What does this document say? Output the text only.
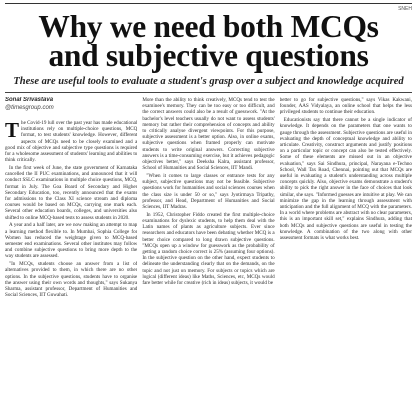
SNEH
Why we need both MCQs
and subjective questions
These are useful tools to evaluate a student's grasp over a subject and knowledge acquired
Sonal Srivastava
@timesgroup.com
T he Covid-19 lull over the past year has made educational institutions rely on multiple-choice questions, MCQ format, to test students' knowledge. However, different aspects of MCQs need to be closely examined and a good mix of objective and subjective type questions is required for a wholesome assessment of students' learning and abilities to think critically.

In the first week of June, the state government of Karnataka cancelled the II PUC examinations, and announced that it will conduct SSLC examinations in multiple choice questions, MCQ, format in July. The Goa Board of Secondary and Higher Secondary Education, too, recently announced that the exams for admissions to the Class XI science stream and diploma courses would be based on MCQs, carrying one mark each. Several other education boards, colleges, and universities also shifted to online MCQ-based tests to assess students in 2020.

A year and a half later, are we now making an attempt to map a learning method flexible to. In Mumbai, Sophia College for Women has reduced the weightage given to MCQ-based semester end examinations. Several other institutes may follow and combine subjective questions to bring more depth to the way students are assessed.

"In MCQs, students choose an answer from a list of alternatives provided to them, in which there are no other options. In the subjective questions, students have to organise the answer using their own words and thoughts," says Sukanya Sharma, assistant professor, Department of Humanities and Social Sciences, IIT Guwahati.

More than the ability to think creatively, MCQs tend to test the examinee's memory. They can be too easy or too difficult, and the correct answers could also be a result of guesswork. "At the bachelor's level teachers usually do not want to assess students' memory but rather their comprehension of concepts and ability to critically analyse divergent viewpoints. For this purpose, subjective assessment is a better option. Also, in online exams, subjective questions when framed properly can motivate students to write original answers. Correcting subjective answers is a time-consuming exercise, but it achieves pedagogic objectives better," says Deeksha Kalra, assistant professor, School of Humanities and Social Sciences, IIT Mandi.

"When it comes to large classes or entrance tests for any subject, subjective questions may not be feasible. Subjective questions work for humanities and social sciences courses when the class size is under 50 or so," says Jyotirmaya Tripathy, professor, and Head, Department of Humanities and Social Sciences, IIT Madras.

In 1952, Christopher Fiddo created the first multiple-choice examinations for dyslexic students, to help them deal with the Latin names of plants as agriculture subjects. Ever since researchers and educators have been debating whether MCQ is a better choice compared to long drawn subjective questions. "MCQs open up a window for guesswork as the probability of getting a random choice correct is 25% (assuming four options). In the subjective question on the other hand, expect students to delineate the understanding clearly that on the demands, on the topic and not just on memory. For subjects or topics which are logical (different ideas) like Maths, Sciences, etc, MCQs would fare better while for creative (rich in ideas) subjects, it would be

better to go for subjective questions," says Vikas Kakwani, founder, AAS Vidyalaya, an online school that helps the less privileged students to continue their education.

Educationists say that there cannot be a single indicator of knowledge. It depends on the parameters that one wants to gauge through the assessment. Subjective questions are useful in evaluating the depth of conceptual knowledge and ability to articulate. Creativity, construct arguments and justify positions on a particular topic or concept can also be tested effectively. Some of these elements are missed out in an objective evaluation," says Sai Sindhura, principal, Narayana e-Techno School, Wall Tax Road, Chennai, pointing out that MCQs are useful in evaluating a student's understanding across multiple concepts quickly. Also, objective exams demonstrate a student's ability to pick the right answer in the face of choices that look similar, she says. "Informed guesses are intuitive at play. We can minimize the gap in the learning through assessment with anticipation and the full alignment of MCQ with the parameters. In a world where problems are abstract with no clear parameters, this is an important skill set," explains Sindhura, adding that both MCQs and subjective questions are useful in testing the knowledge. A combination of the two along with other assessment formats is what works best.
